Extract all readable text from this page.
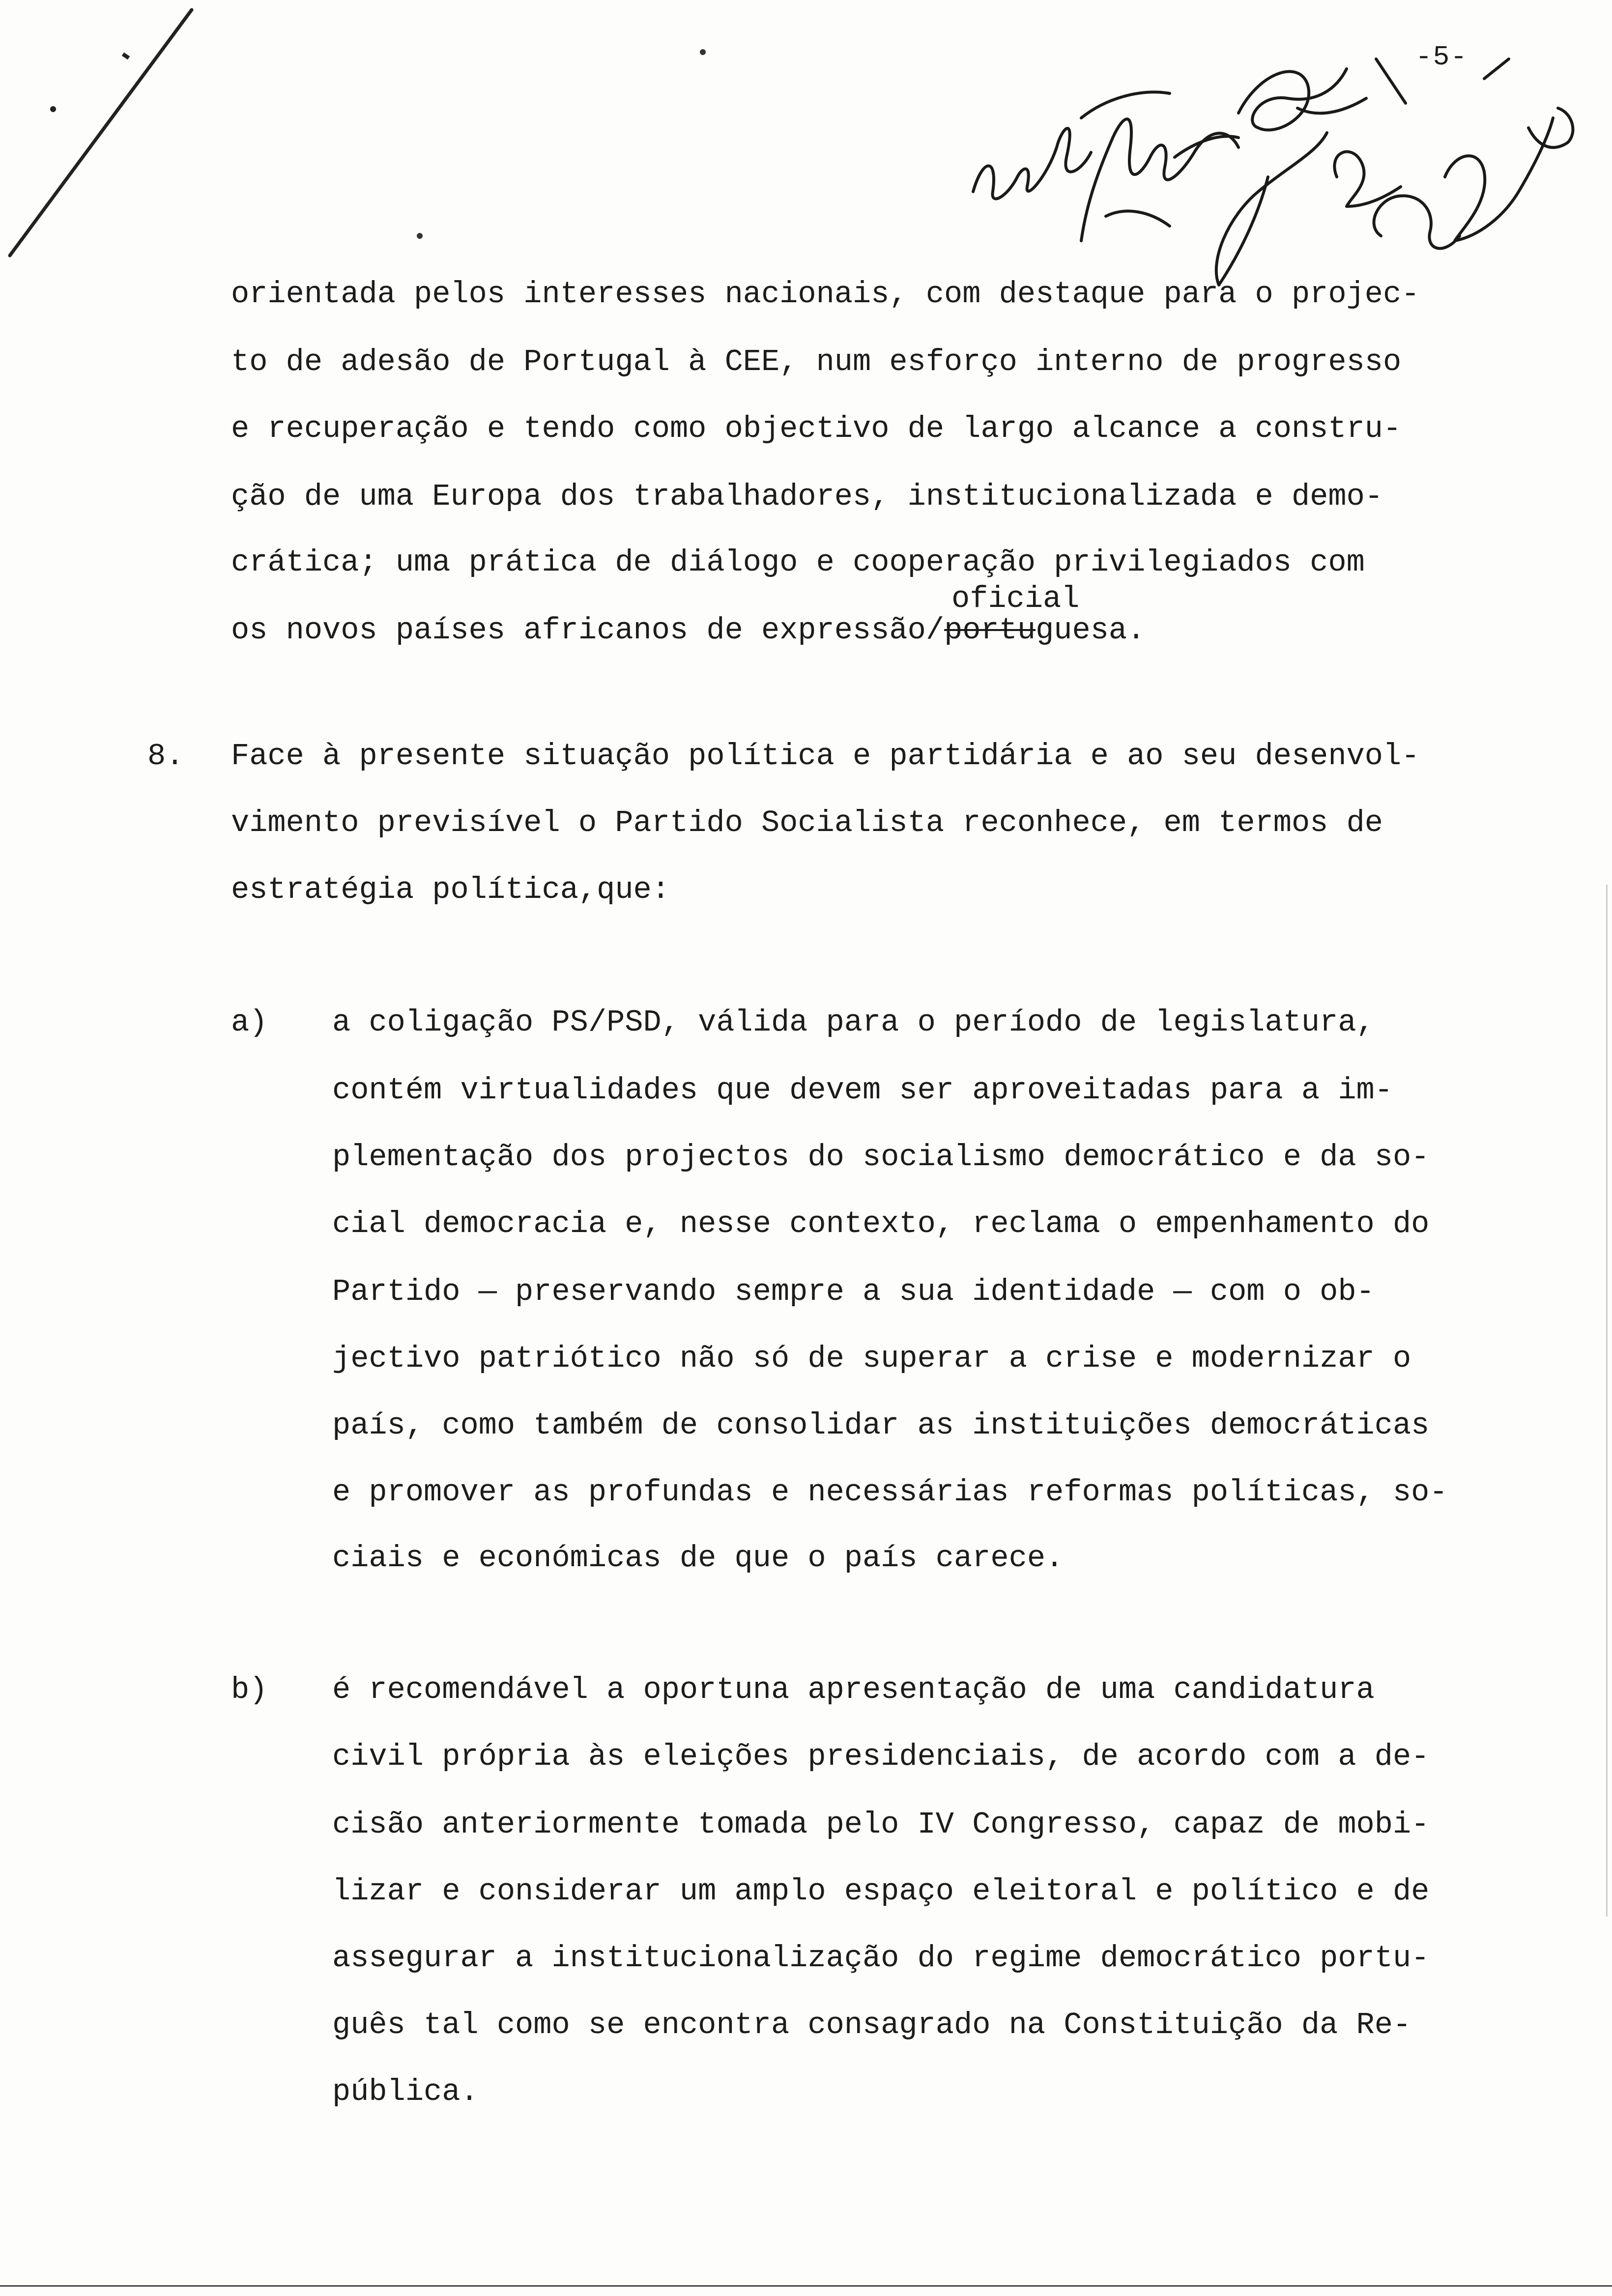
-5-
orientada pelos interesses nacionais, com destaque para o projec-
to de adesão de Portugal à CEE, num esforço interno de progresso
e recuperação e tendo como objectivo de largo alcance a constru-
ção de uma Europa dos trabalhadores, institucionalizada e demo-
crática; uma prática de diálogo e cooperação privilegiados com
oficial
os novos países africanos de expressão/portuguesa.
8. Face à presente situação política e partidária e ao seu desenvol-
vimento previsível o Partido Socialista reconhece, em termos de
estratégia política,que:
a) a coligação PS/PSD, válida para o período de legislatura,
contém virtualidades que devem ser aproveitadas para a im-
plementação dos projectos do socialismo democrático e da so-
cial democracia e, nesse contexto, reclama o empenhamento do
Partido — preservando sempre a sua identidade — com o ob-
jectivo patriótico não só de superar a crise e modernizar o
país, como também de consolidar as instituições democráticas
e promover as profundas e necessárias reformas políticas, so-
ciais e económicas de que o país carece.
b) é recomendável a oportuna apresentação de uma candidatura
civil própria às eleições presidenciais, de acordo com a de-
cisão anteriormente tomada pelo IV Congresso, capaz de mobi-
lizar e considerar um amplo espaço eleitoral e político e de
assegurar a institucionalização do regime democrático portu-
guês tal como se encontra consagrado na Constituição da Re-
pública.
